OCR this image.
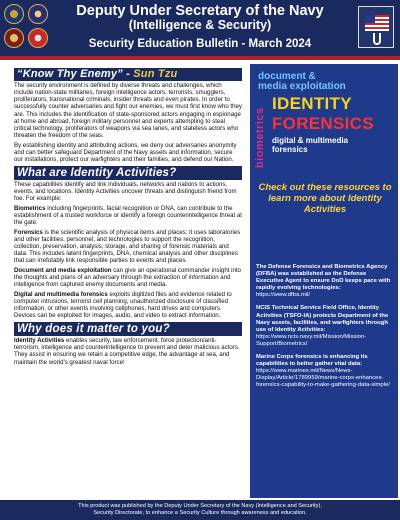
Deputy Under Secretary of the Navy
(Intelligence & Security)
Security Education Bulletin - March 2024
“Know Thy Enemy” - Sun Tzu

The security environment is defined by diverse threats and challenges, which include nation-state militaries, foreign intelligence actors, terrorists, smugglers, proliferators, transnational criminals, insider threats and even pirates. In order to successfully counter adversaries and fight our enemies, we must first know who they are. This includes the identification of state-sponsored actors engaging in espionage at home and abroad, foreign military personnel and experts attempting to steal critical technology, proliferators of weapons via sea lanes, and stateless actors who threaten the freedom of the seas.

By establishing identity and attributing actions, we deny our adversaries anonymity and can better safeguard Department of the Navy assets and information, secure our installations, protect our warfighters and their families, and defend our Nation.

What are Identity Activities?

These capabilities identify and link individuals, networks and nations to actions, events, and locations. Identity Activities uncover threats and distinguish friend from foe. For example:

Biometrics including fingerprints, facial recognition or DNA, can contribute to the establishment of a trusted workforce or identify a foreign counterintelligence threat at the gate.

Forensics is the scientific analysis of physical items and places; it uses laboratories and other facilities, personnel, and technologies to support the recognition, collection, preservation, analysis, storage, and sharing of forensic materials and data. This includes latent fingerprints, DNA, chemical analysis and other disciplines that can irrefutably link responsible parties to events and places.

Document and media exploitation can give an operational commander insight into the thoughts and plans of an adversary through the extraction of information and intelligence from captured enemy documents and media.

Digital and multimedia forensics exploits digitized files and evidence related to computer intrusions, terrorist cell planning, unauthorized disclosure of classified information, or other events involving cellphones, hard drives and computers. Devices can be exploited for images, audio, and video to extract information.

Why does it matter to you?

Identity Activities enables security, law enforcement, force protection/anti-terrorism, intelligence and counterintelligence to prevent and deter malicious actors. They assist in ensuring we retain a competitive edge, the advantage at sea, and maintain the world’s greatest naval force!

document &
media exploitation
biometrics
IDENTITY
FORENSICS
digital & multimedia
forensics
Check out these resources to learn more about Identity Activities
The Defense Forensics and Biometrics Agency (DFBA) was established as the Defense Executive Agent to ensure DoD keeps pace with rapidly evolving technologies:
https://www.dfba.mil/
NCIS Technical Service Field Office, Identity Activities (TSFO-IA) protects Department of the Navy assets, facilities, and warfighters through use of Identity Activities:
https://www.ncis.navy.mil/Mission/Mission-Support/Biometrics/
Marine Corps forensics is enhancing its capabilities to better gather vital data:
https://www.marines.mil/News/News-Display/Article/1789959/marine-corps-enhances-forensics-capability-to-make-gathering-data-simple/
This product was published by the Deputy Under Secretary of the Navy (Intelligence and Security),
Security Directorate, to enhance a Security Culture through awareness and education.
